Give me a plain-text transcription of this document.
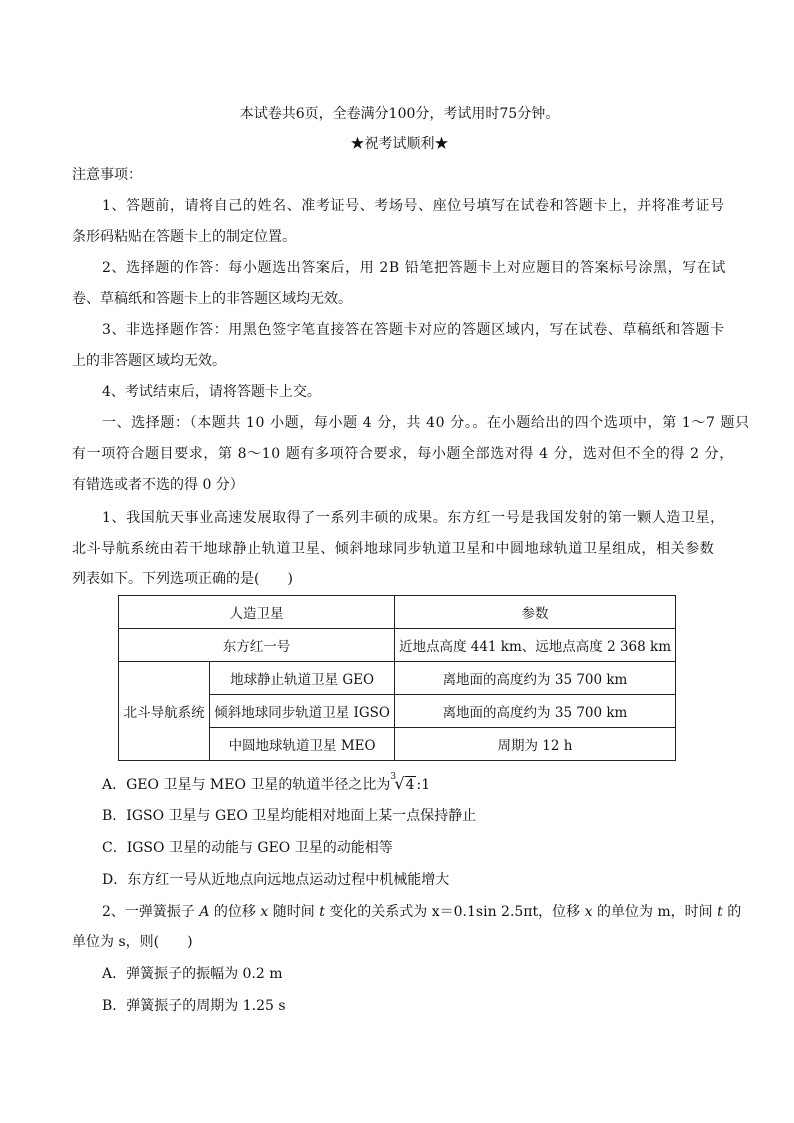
本试卷共6页，全卷满分100分，考试用时75分钟。
★祝考试顺利★
注意事项：
1、答题前，请将自己的姓名、准考证号、考场号、座位号填写在试卷和答题卡上，并将准考证号
条形码粘贴在答题卡上的制定位置。
2、选择题的作答：每小题选出答案后，用 2B 铅笔把答题卡上对应题目的答案标号涂黑，写在试
卷、草稿纸和答题卡上的非答题区域均无效。
3、非选择题作答：用黑色签字笔直接答在答题卡对应的答题区域内，写在试卷、草稿纸和答题卡
上的非答题区域均无效。
4、考试结束后，请将答题卡上交。
一、选择题：（本题共 10 小题，每小题 4 分，共 40 分。。在小题给出的四个选项中，第 1～7 题只
有一项符合题目要求，第 8～10 题有多项符合要求，每小题全部选对得 4 分，选对但不全的得 2 分，
有错选或者不选的得 0 分）
1、我国航天事业高速发展取得了一系列丰硕的成果。东方红一号是我国发射的第一颗人造卫星，
北斗导航系统由若干地球静止轨道卫星、倾斜地球同步轨道卫星和中圆地球轨道卫星组成，相关参数
列表如下。下列选项正确的是(　　)
人造卫星		参数
东方红一号		近地点高度 441 km、远地点高度 2 368 km
北斗导航系统	地球静止轨道卫星 GEO	离地面的高度约为 35 700 km
	倾斜地球同步轨道卫星 IGSO	离地面的高度约为 35 700 km
	中圆地球轨道卫星 MEO	周期为 12 h
A．GEO 卫星与 MEO 卫星的轨道半径之比为 3
√4 :1
B．IGSO 卫星与 GEO 卫星均能相对地面上某一点保持静止
C．IGSO 卫星的动能与 GEO 卫星的动能相等
D．东方红一号从近地点向远地点运动过程中机械能增大
2、一弹簧振子 A 的位移 x 随时间 t 变化的关系式为 x＝0.1sin 2.5πt，位移 x 的单位为 m，时间 t 的
单位为 s，则(　　)
A．弹簧振子的振幅为 0.2 m
B．弹簧振子的周期为 1.25 s
